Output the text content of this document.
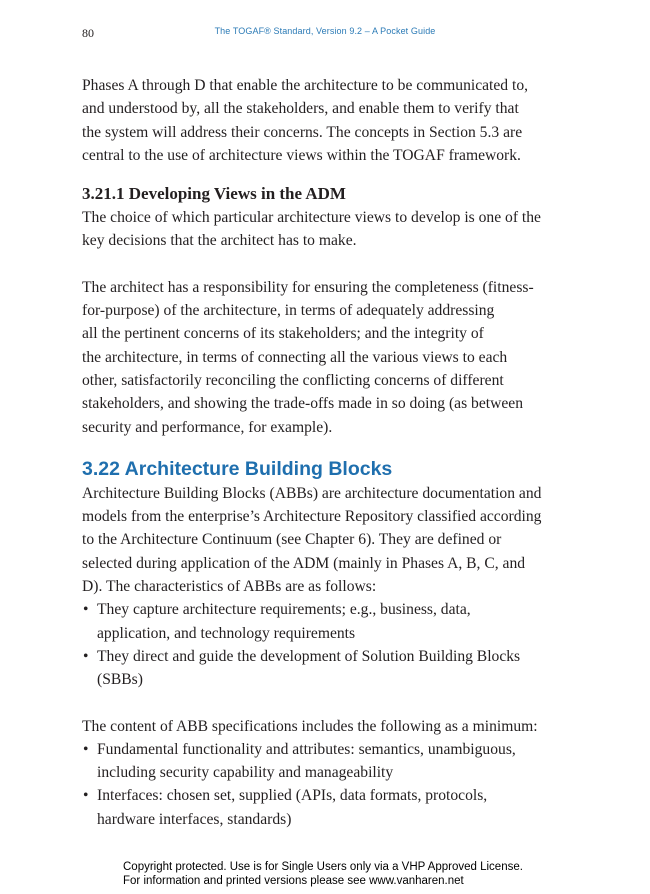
80	The TOGAF® Standard, Version 9.2 – A Pocket Guide

Phases A through D that enable the architecture to be communicated to,
and understood by, all the stakeholders, and enable them to verify that
the system will address their concerns. The concepts in Section 5.3 are
central to the use of architecture views within the TOGAF framework.

3.21.1 Developing Views in the ADM

The choice of which particular architecture views to develop is one of the
key decisions that the architect has to make.

The architect has a responsibility for ensuring the completeness (fitness-
for-purpose) of the architecture, in terms of adequately addressing
all the pertinent concerns of its stakeholders; and the integrity of
the architecture, in terms of connecting all the various views to each
other, satisfactorily reconciling the conflicting concerns of different
stakeholders, and showing the trade-offs made in so doing (as between
security and performance, for example).

3.22 Architecture Building Blocks

Architecture Building Blocks (ABBs) are architecture documentation and
models from the enterprise’s Architecture Repository classified according
to the Architecture Continuum (see Chapter 6). They are defined or
selected during application of the ADM (mainly in Phases A, B, C, and
D). The characteristics of ABBs are as follows:

• They capture architecture requirements; e.g., business, data,
application, and technology requirements
• They direct and guide the development of Solution Building Blocks
(SBBs)

The content of ABB specifications includes the following as a minimum:

• Fundamental functionality and attributes: semantics, unambiguous,
including security capability and manageability
• Interfaces: chosen set, supplied (APIs, data formats, protocols,
hardware interfaces, standards)
Copyright protected. Use is for Single Users only via a VHP Approved License.
For information and printed versions please see www.vanharen.net
